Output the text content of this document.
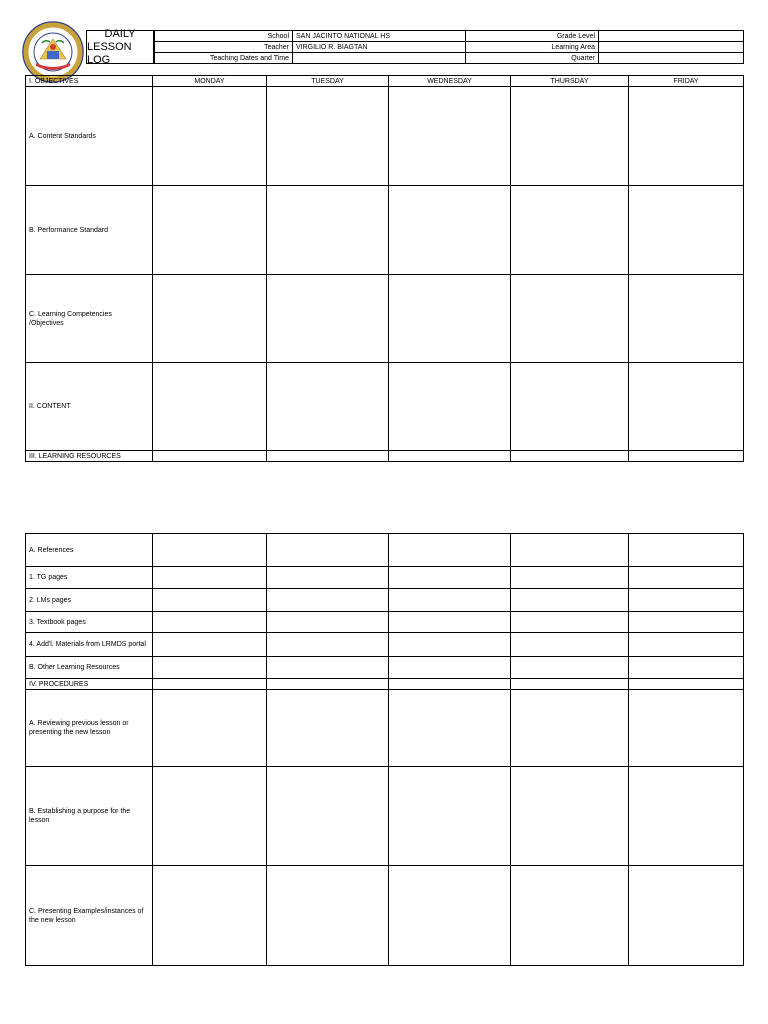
DAILY
LESSON LOG
School	SAN JACINTO NATIONAL HS	Grade Level	
Teacher	VIRGILIO R. BIAGTAN	Learning Area	
Teaching Dates and Time		Quarter	
I. OBJECTIVES	MONDAY	TUESDAY	WEDNESDAY	THURSDAY	FRIDAY
A. Content Standards					
B. Performance Standard					
C. Learning Competencies /Objectives					
II. CONTENT					
III. LEARNING RESOURCES					
A. References					
1. TG pages					
2. LMs pages					
3. Textbook pages					
4. Add'l. Materials from LRMDS portal					
B. Other Learning Resources					
IV. PROCEDURES					
A. Reviewing previous lesson or presenting the new lesson					
B. Establishing a purpose for the lesson					
C. Presenting Examples/instances of the new lesson					
